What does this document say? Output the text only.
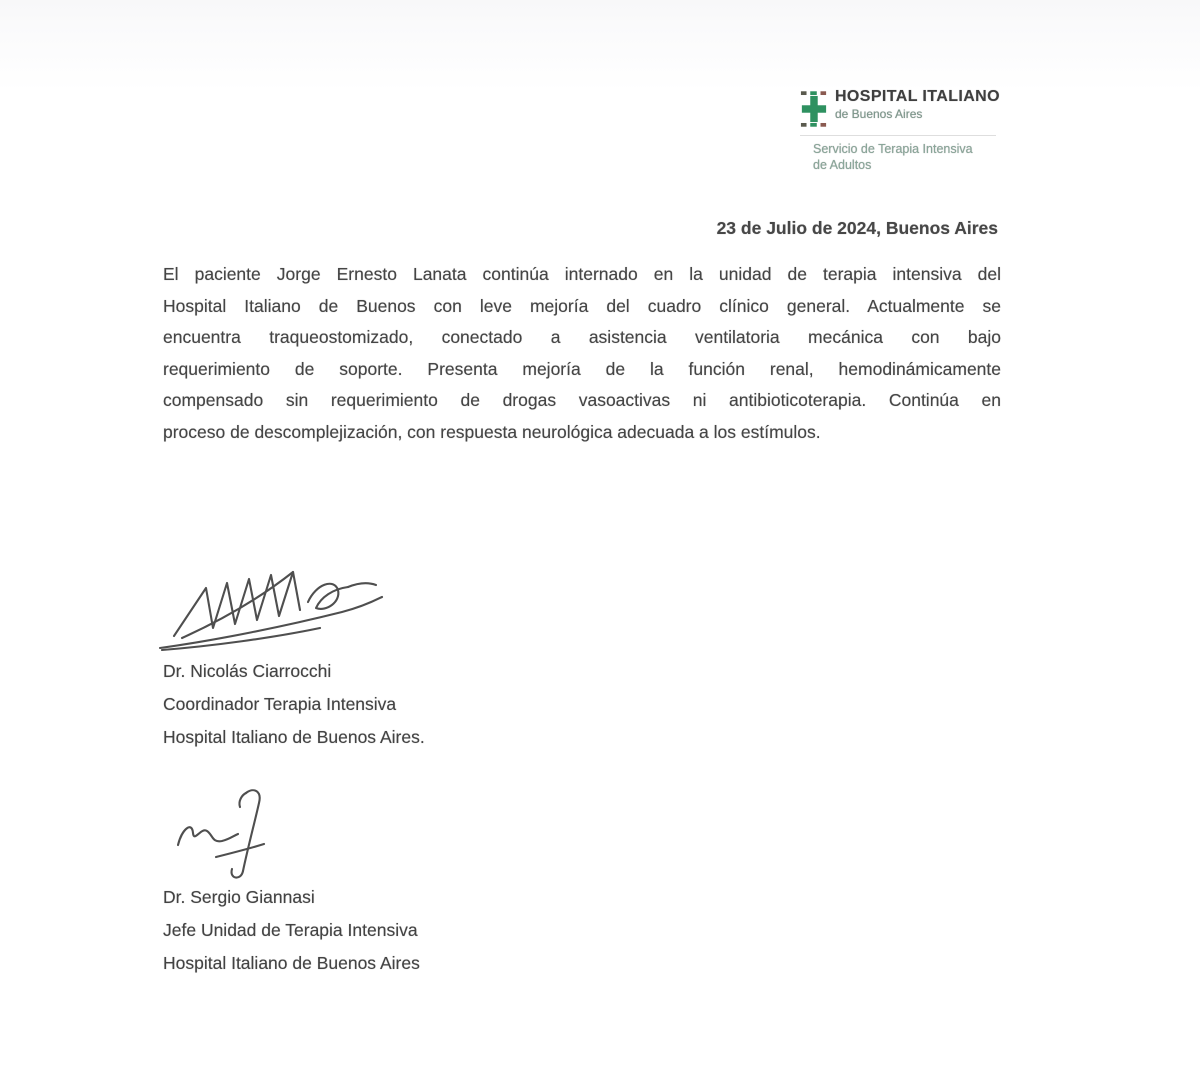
HOSPITAL ITALIANO
de Buenos Aires
Servicio de Terapia Intensiva
de Adultos
23 de Julio de 2024, Buenos Aires
El paciente Jorge Ernesto Lanata continúa internado en la unidad de terapia intensiva del
Hospital Italiano de Buenos con leve mejoría del cuadro clínico general. Actualmente se
encuentra traqueostomizado, conectado a asistencia ventilatoria mecánica con bajo
requerimiento de soporte. Presenta mejoría de la función renal, hemodinámicamente
compensado sin requerimiento de drogas vasoactivas ni antibioticoterapia. Continúa en
proceso de descomplejización, con respuesta neurológica adecuada a los estímulos.
Dr. Nicolás Ciarrocchi
Coordinador Terapia Intensiva
Hospital Italiano de Buenos Aires.
Dr. Sergio Giannasi
Jefe Unidad de Terapia Intensiva
Hospital Italiano de Buenos Aires
